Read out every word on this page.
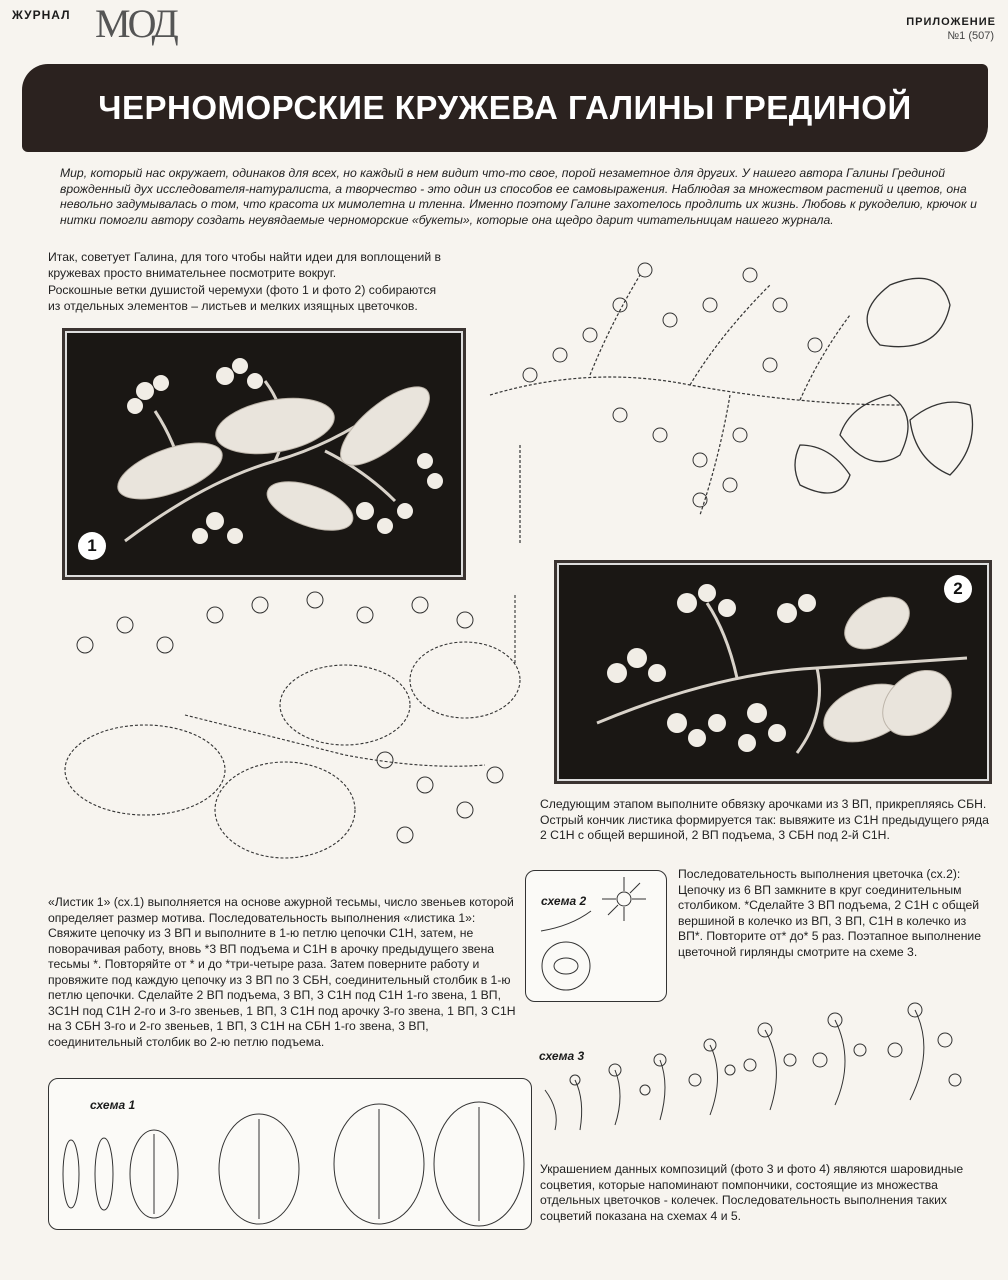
ЖУРНАЛ МОД	ПРИЛОЖЕНИЕ
№1 (507)
ЧЕРНОМОРСКИЕ КРУЖЕВА ГАЛИНЫ ГРЕДИНОЙ
Мир, который нас окружает, одинаков для всех, но каждый в нем видит что-то свое, порой незаметное для других. У нашего автора Галины Грединой врожденный дух исследователя-натуралиста, а творчество - это один из способов ее самовыражения. Наблюдая за множеством растений и цветов, она невольно задумывалась о том, что красота их мимолетна и тленна. Именно поэтому Галине захотелось продлить их жизнь. Любовь к рукоделию, крючок и нитки помогли автору создать неувядаемые черноморские «букеты», которые она щедро дарит читательницам нашего журнала.
Итак, советует Галина, для того чтобы найти идеи для воплощений в кружевах просто внимательнее посмотрите вокруг.
Роскошные ветки душистой черемухи (фото 1 и фото 2) собираются из отдельных элементов – листьев и мелких изящных цветочков.
1
2
Следующим этапом выполните обвязку арочками из 3 ВП, прикрепляясь СБН. Острый кончик листика формируется так: вывяжите из С1Н предыдущего ряда 2 С1Н с общей вершиной, 2 ВП подъема, 3 СБН под 2-й С1Н.
Последовательность выполнения цветочка (сх.2): Цепочку из 6 ВП замкните в круг соединительным столбиком. *Сделайте 3 ВП подъема, 2 С1Н с общей вершиной в колечко из ВП, 3 ВП, С1Н в колечко из ВП*. Повторите от* до* 5 раз. Поэтапное выполнение цветочной гирлянды смотрите на схеме 3.
«Листик 1» (сх.1) выполняется на основе ажурной тесьмы, число звеньев которой определяет размер мотива. Последовательность выполнения «листика 1»: Свяжите цепочку из 3 ВП и выполните в 1-ю петлю цепочки С1Н, затем, не поворачивая работу, вновь *3 ВП подъема и С1Н в арочку предыдущего звена тесьмы *. Повторяйте от * и до *три-четыре раза. Затем поверните работу и провяжите под каждую цепочку из 3 ВП по 3 СБН, соединительный столбик в 1-ю петлю цепочки. Сделайте 2 ВП подъема, 3 ВП, 3 С1Н под С1Н 1-го звена, 1 ВП, 3С1Н под С1Н 2-го и 3-го звеньев, 1 ВП, 3 С1Н под арочку 3-го звена, 1 ВП, 3 С1Н на 3 СБН 3-го и 2-го звеньев, 1 ВП, 3 С1Н на СБН 1-го звена, 3 ВП, соединительный столбик во 2-ю петлю подъема.
схема 2
схема 3
Украшением данных композиций (фото 3 и фото 4) являются шаровидные соцветия, которые напоминают помпончики, состоящие из множества отдельных цветочков - колечек. Последовательность выполнения таких соцветий показана на схемах 4 и 5.
схема 1
